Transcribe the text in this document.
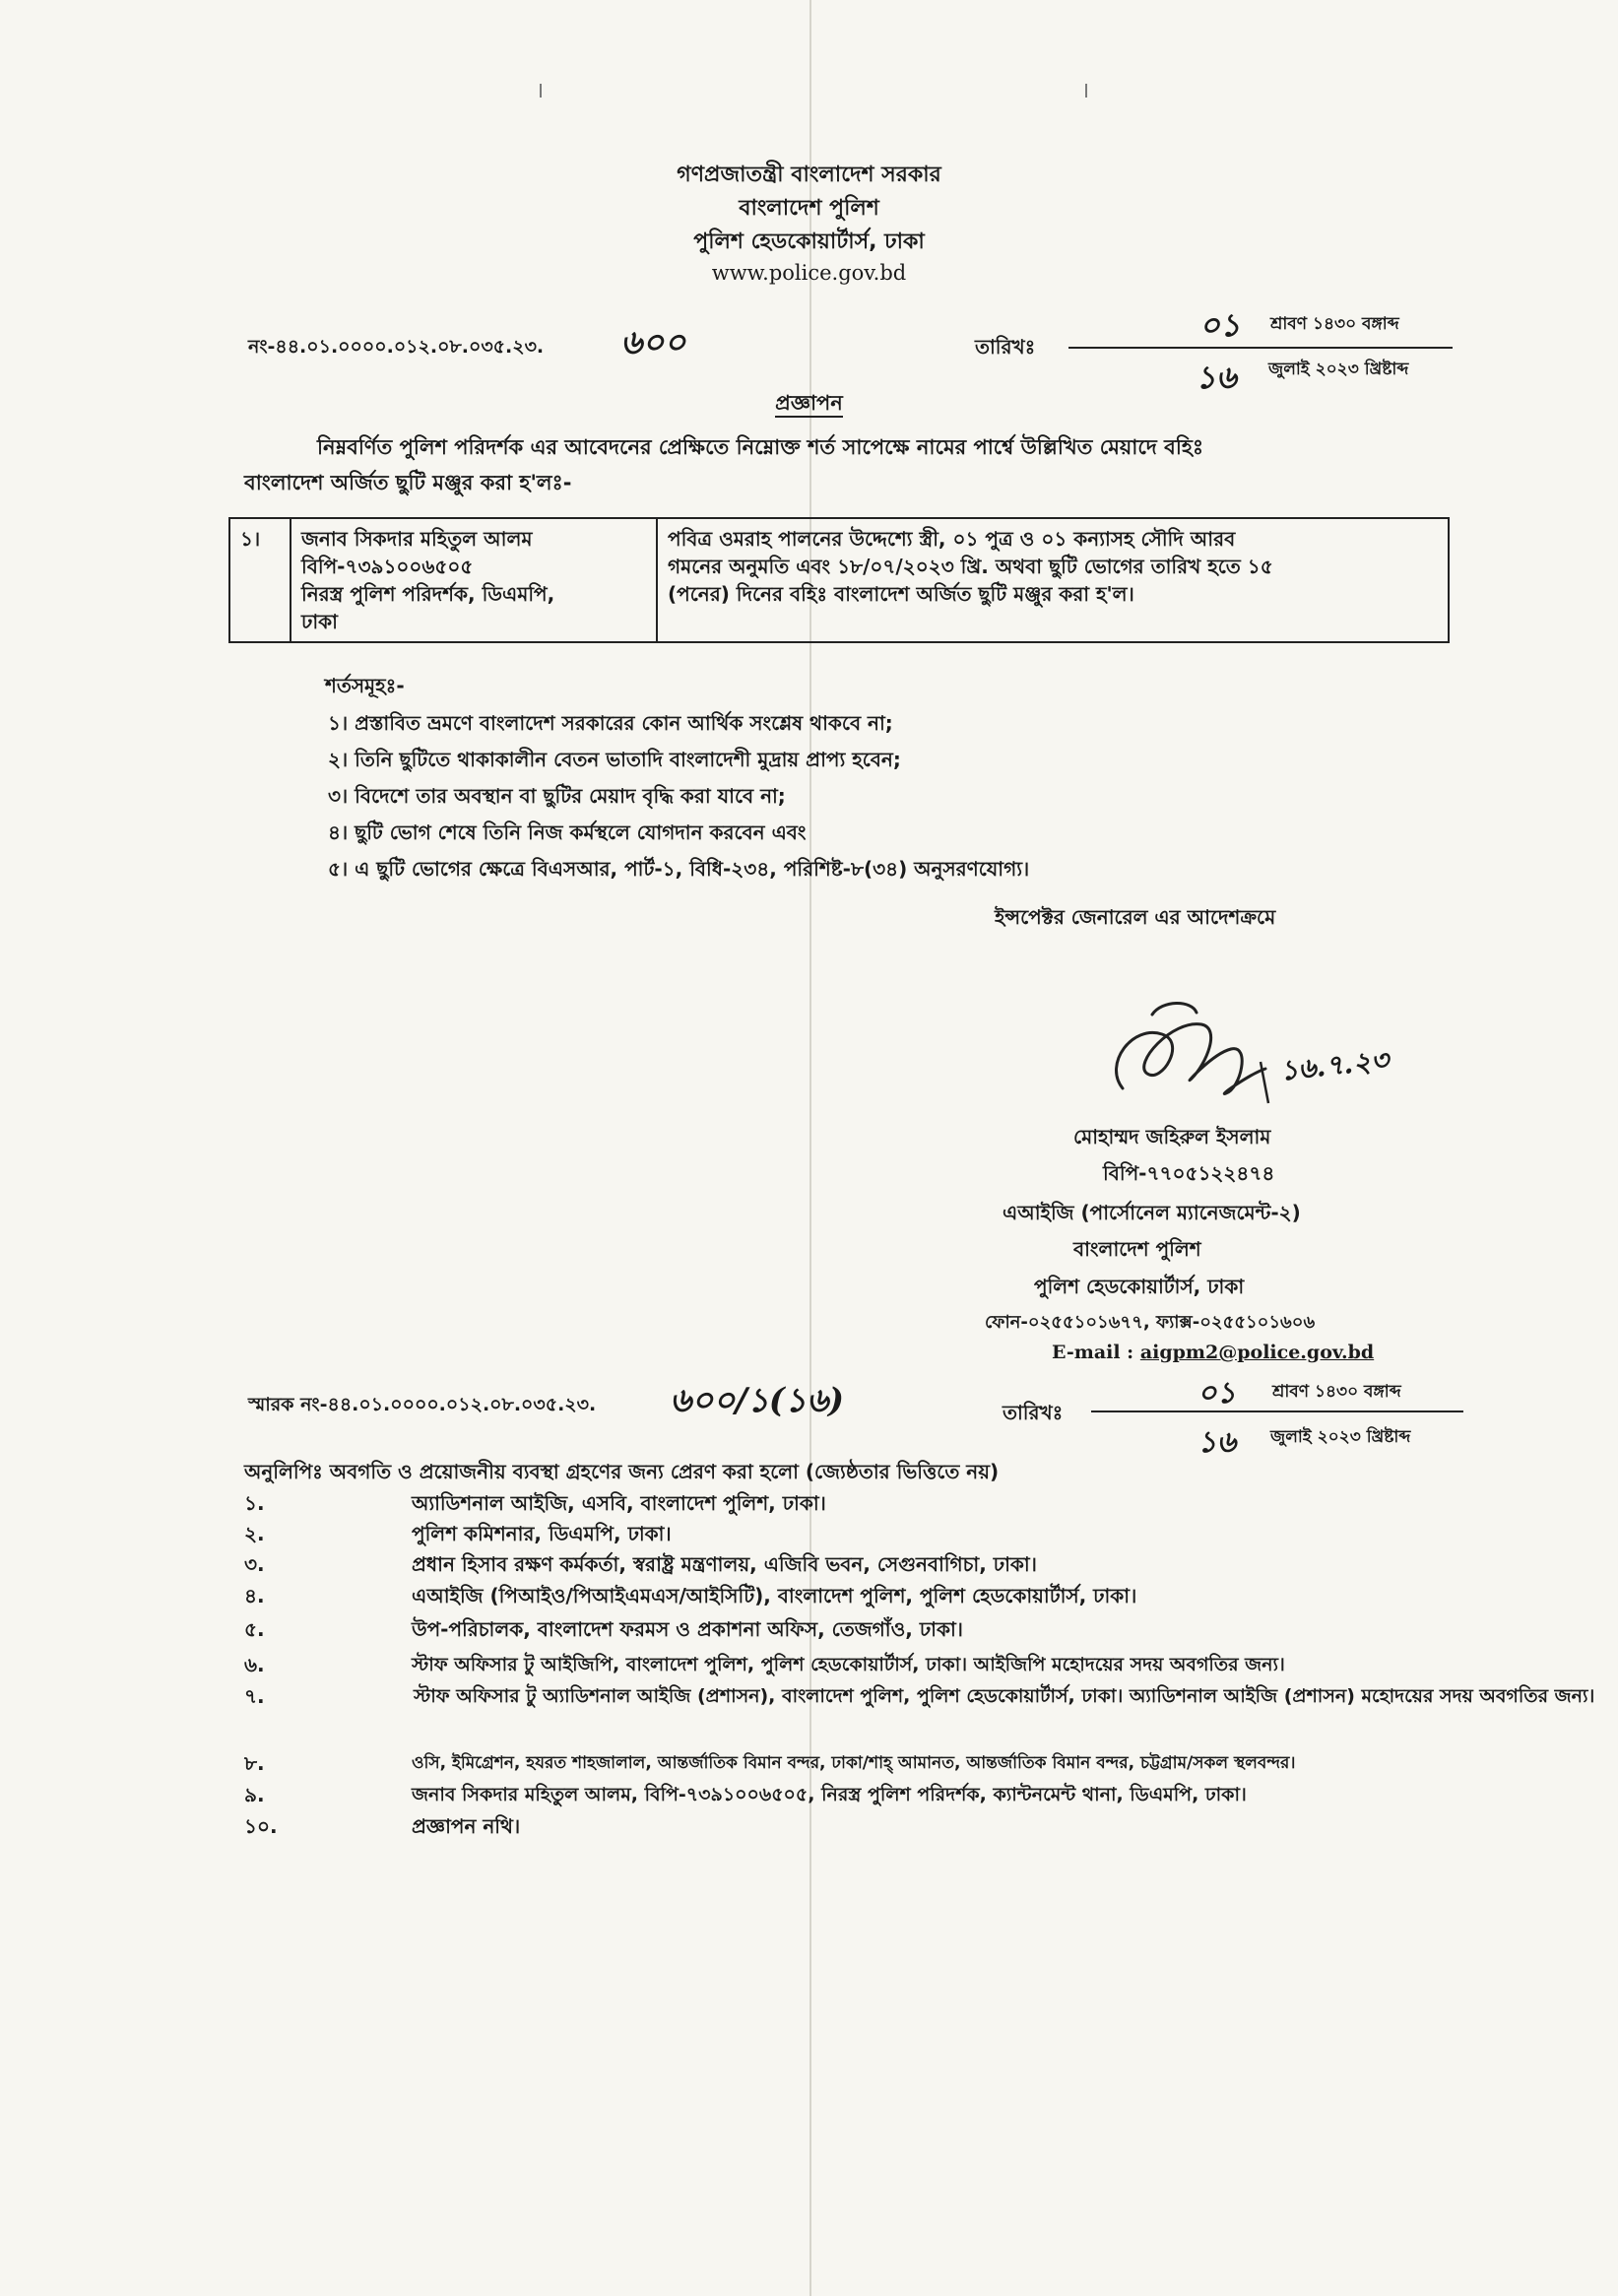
গণপ্রজাতন্ত্রী বাংলাদেশ সরকার
বাংলাদেশ পুলিশ
পুলিশ হেডকোয়ার্টার্স, ঢাকা
www.police.gov.bd
নং-৪৪.০১.০০০০.০১২.০৮.০৩৫.২৩. ৬০০	তারিখঃ
০১ শ্রাবণ ১৪৩০ বঙ্গাব্দ
১৬ জুলাই ২০২৩ খ্রিষ্টাব্দ
প্রজ্ঞাপন
নিম্নবর্ণিত পুলিশ পরিদর্শক এর আবেদনের প্রেক্ষিতে নিম্নোক্ত শর্ত সাপেক্ষে নামের পার্শ্বে উল্লিখিত মেয়াদে বহিঃ
বাংলাদেশ অর্জিত ছুটি মঞ্জুর করা হ'লঃ-
১।	জনাব সিকদার মহিতুল আলম
বিপি-৭৩৯১০০৬৫০৫
নিরস্ত্র পুলিশ পরিদর্শক, ডিএমপি,
ঢাকা

পবিত্র ওমরাহ পালনের উদ্দেশ্যে স্ত্রী, ০১ পুত্র ও ০১ কন্যাসহ সৌদি আরব
গমনের অনুমতি এবং ১৮/০৭/২০২৩ খ্রি. অথবা ছুটি ভোগের তারিখ হতে ১৫
(পনের) দিনের বহিঃ বাংলাদেশ অর্জিত ছুটি মঞ্জুর করা হ'ল।
শর্তসমূহঃ-
১। প্রস্তাবিত ভ্রমণে বাংলাদেশ সরকারের কোন আর্থিক সংশ্লেষ থাকবে না;
২। তিনি ছুটিতে থাকাকালীন বেতন ভাতাদি বাংলাদেশী মুদ্রায় প্রাপ্য হবেন;
৩। বিদেশে তার অবস্থান বা ছুটির মেয়াদ বৃদ্ধি করা যাবে না;
৪। ছুটি ভোগ শেষে তিনি নিজ কর্মস্থলে যোগদান করবেন এবং
৫। এ ছুটি ভোগের ক্ষেত্রে বিএসআর, পার্ট-১, বিধি-২৩৪, পরিশিষ্ট-৮(৩৪) অনুসরণযোগ্য।
ইন্সপেক্টর জেনারেল এর আদেশক্রমে
১৬.৭.২৩
মোহাম্মদ জহিরুল ইসলাম
বিপি-৭৭০৫১২২৪৭৪
এআইজি (পার্সোনেল ম্যানেজমেন্ট-২)
বাংলাদেশ পুলিশ
পুলিশ হেডকোয়ার্টার্স, ঢাকা
ফোন-০২৫৫১০১৬৭৭, ফ্যাক্স-০২৫৫১০১৬০৬
E-mail : aigpm2@police.gov.bd
স্মারক নং-৪৪.০১.০০০০.০১২.০৮.০৩৫.২৩. ৬০০/১(১৬)	তারিখঃ
০১ শ্রাবণ ১৪৩০ বঙ্গাব্দ
১৬ জুলাই ২০২৩ খ্রিষ্টাব্দ
অনুলিপিঃ অবগতি ও প্রয়োজনীয় ব্যবস্থা গ্রহণের জন্য প্রেরণ করা হলো (জ্যেষ্ঠতার ভিত্তিতে নয়)
১.	অ্যাডিশনাল আইজি, এসবি, বাংলাদেশ পুলিশ, ঢাকা।
২.	পুলিশ কমিশনার, ডিএমপি, ঢাকা।
৩.	প্রধান হিসাব রক্ষণ কর্মকর্তা, স্বরাষ্ট্র মন্ত্রণালয়, এজিবি ভবন, সেগুনবাগিচা, ঢাকা।
৪.	এআইজি (পিআইও/পিআইএমএস/আইসিটি), বাংলাদেশ পুলিশ, পুলিশ হেডকোয়ার্টার্স, ঢাকা।
৫.	উপ-পরিচালক, বাংলাদেশ ফরমস ও প্রকাশনা অফিস, তেজগাঁও, ঢাকা।
৬.	স্টাফ অফিসার টু আইজিপি, বাংলাদেশ পুলিশ, পুলিশ হেডকোয়ার্টার্স, ঢাকা। আইজিপি মহোদয়ের সদয় অবগতির জন্য।
৭.	স্টাফ অফিসার টু অ্যাডিশনাল আইজি (প্রশাসন), বাংলাদেশ পুলিশ, পুলিশ হেডকোয়ার্টার্স, ঢাকা। অ্যাডিশনাল আইজি (প্রশাসন) মহোদয়ের সদয় অবগতির জন্য।
৮.	ওসি, ইমিগ্রেশন, হযরত শাহজালাল, আন্তর্জাতিক বিমান বন্দর, ঢাকা/শাহ্ আমানত, আন্তর্জাতিক বিমান বন্দর, চট্টগ্রাম/সকল স্থলবন্দর।
৯.	জনাব সিকদার মহিতুল আলম, বিপি-৭৩৯১০০৬৫০৫, নিরস্ত্র পুলিশ পরিদর্শক, ক্যান্টনমেন্ট থানা, ডিএমপি, ঢাকা।
১০.	প্রজ্ঞাপন নথি।
